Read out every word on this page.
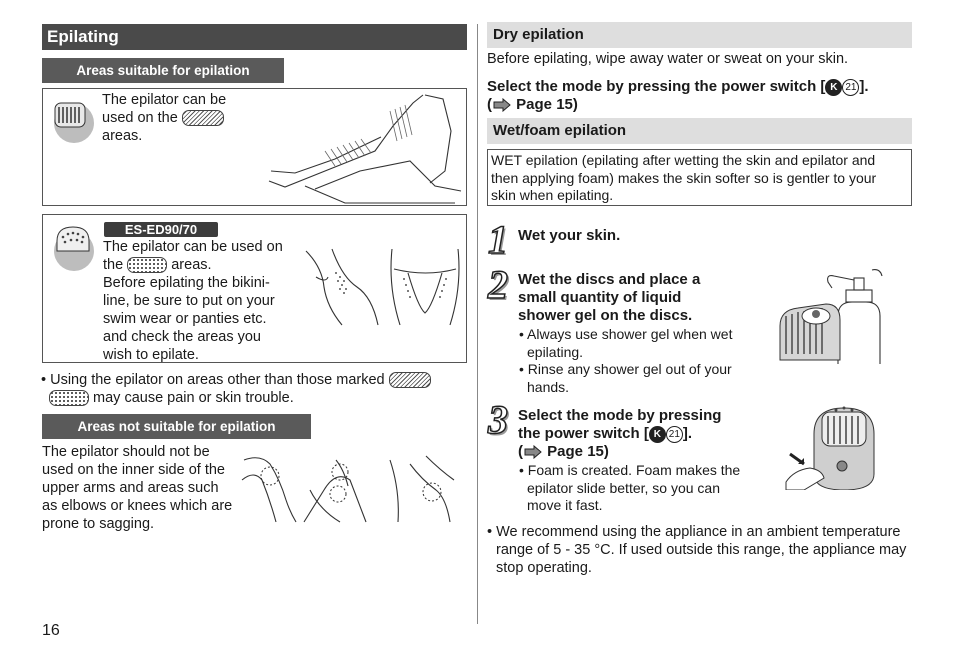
Epilating
Areas suitable for epilation
The epilator can be
used on the
areas.
ES-ED90/70
The epilator can be used on
the	areas.
Before epilating the bikini-
line, be sure to put on your
swim wear or panties etc.
and check the areas you
wish to epilate.
• Using the epilator on areas other than those marked
may cause pain or skin trouble.
Areas not suitable for epilation
The epilator should not be
used on the inner side of the
upper arms and areas such
as elbows or knees which are
prone to sagging.
16
Dry epilation
Before epilating, wipe away water or sweat on your skin.
Select the mode by pressing the power switch [ K 21 ].
( Page 15)
Wet/foam epilation
WET epilation (epilating after wetting the skin and epilator and
then applying foam) makes the skin softer so is gentler to your
skin when epilating.
1 Wet your skin.
2 Wet the discs and place a
small quantity of liquid
shower gel on the discs.
• Always use shower gel when wet
epilating.
• Rinse any shower gel out of your
hands.
3 Select the mode by pressing
the power switch [ K 21 ].
( Page 15)
• Foam is created. Foam makes the
epilator slide better, so you can
move it fast.
• We recommend using the appliance in an ambient temperature
range of 5 - 35 °C. If used outside this range, the appliance may
stop operating.
